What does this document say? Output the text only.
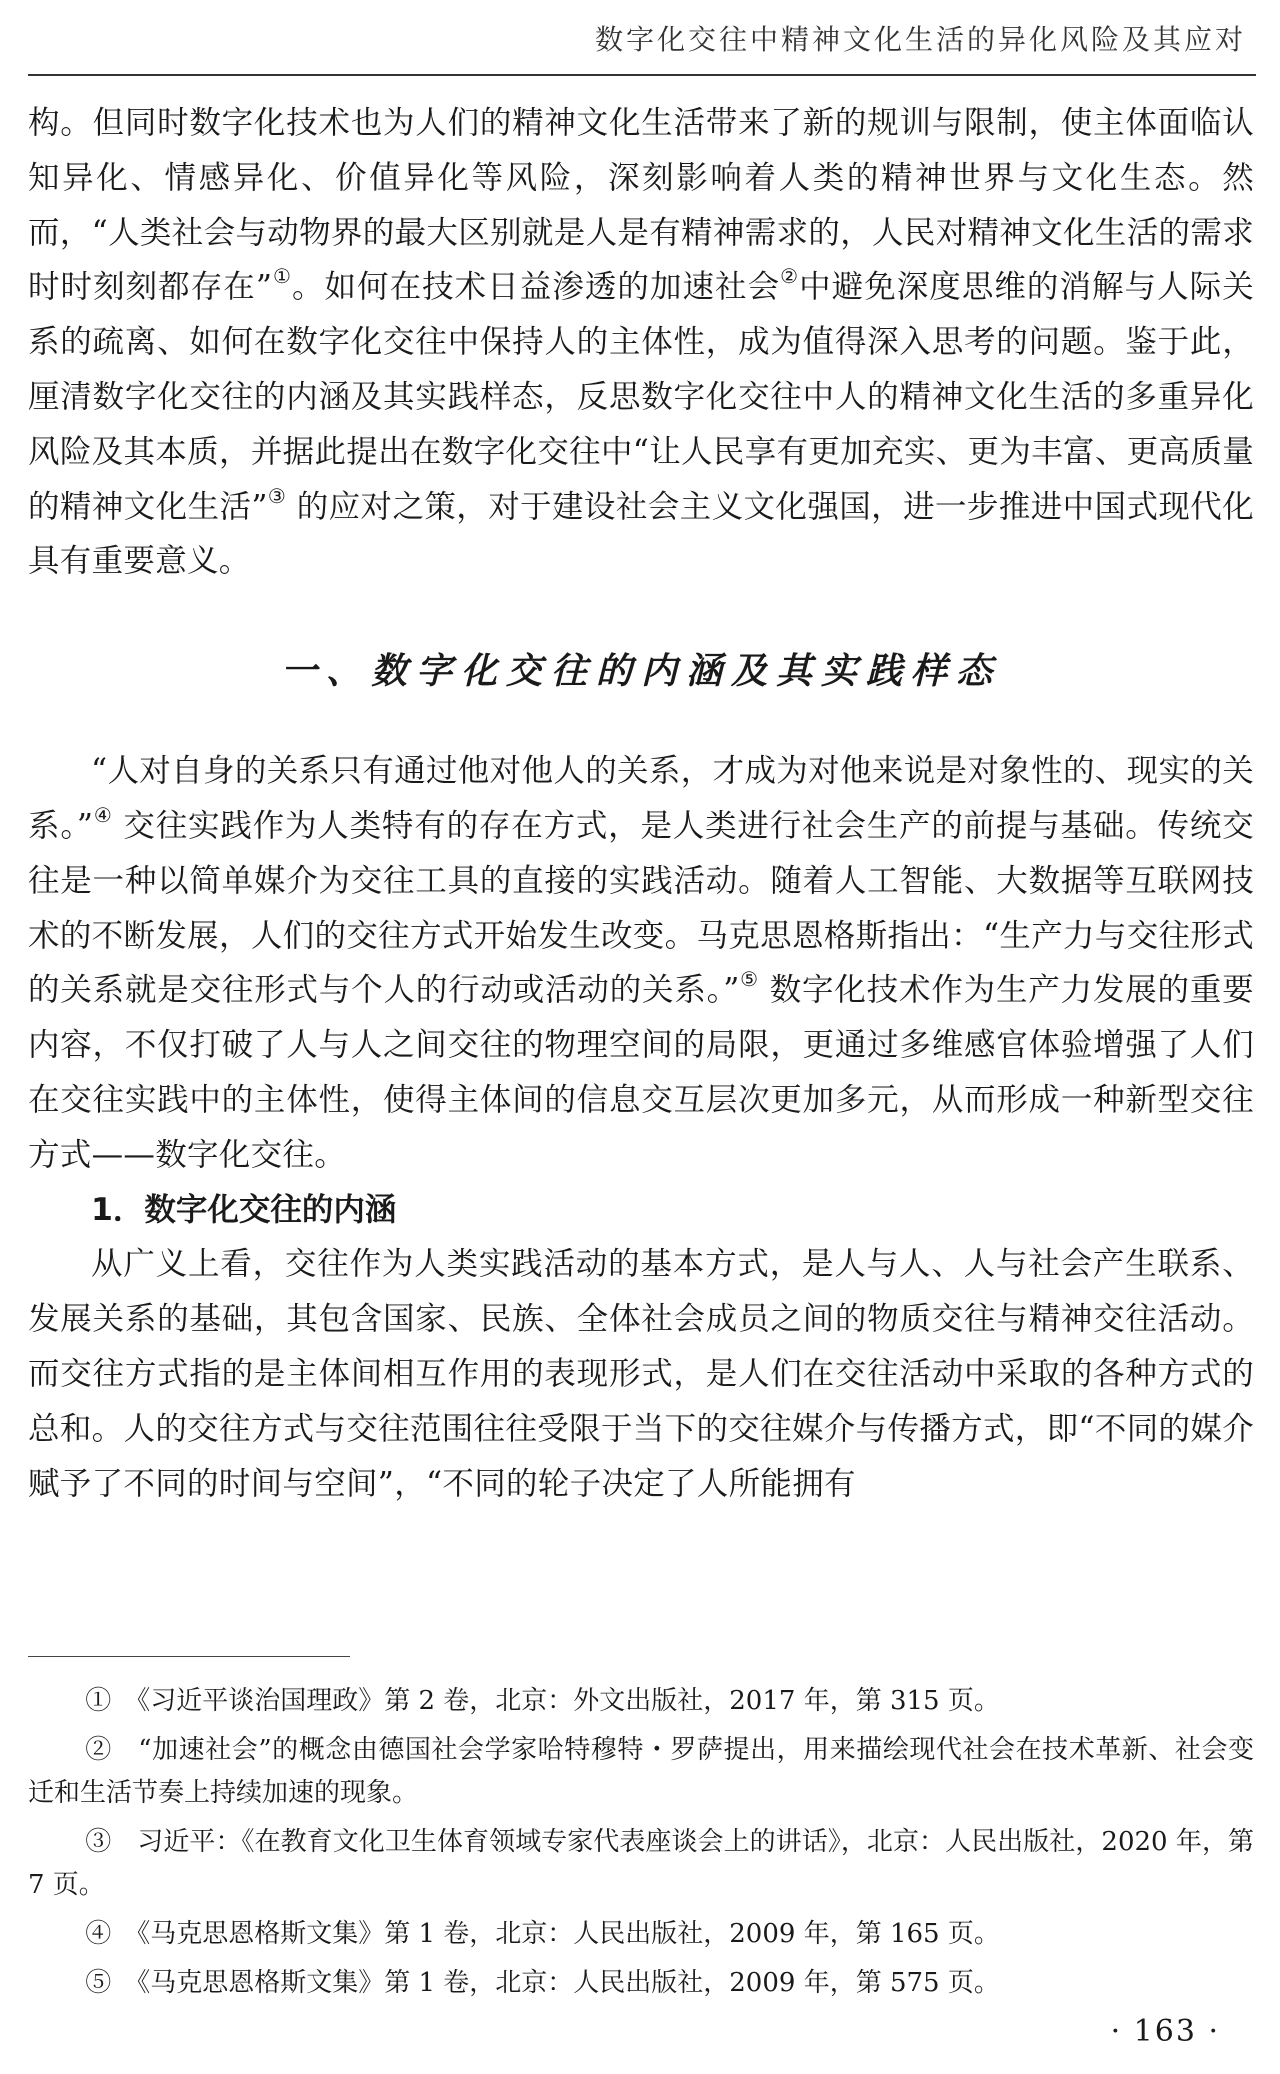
数字化交往中精神文化生活的异化风险及其应对

构。但同时数字化技术也为人们的精神文化生活带来了新的规训与限制，使主体面临认知异化、情感异化、价值异化等风险，深刻影响着人类的精神世界与文化生态。然而，“人类社会与动物界的最大区别就是人是有精神需求的，人民对精神文化生活的需求时时刻刻都存在”①。如何在技术日益渗透的加速社会②中避免深度思维的消解与人际关系的疏离、如何在数字化交往中保持人的主体性，成为值得深入思考的问题。鉴于此，厘清数字化交往的内涵及其实践样态，反思数字化交往中人的精神文化生活的多重异化风险及其本质，并据此提出在数字化交往中“让人民享有更加充实、更为丰富、更高质量的精神文化生活”③ 的应对之策，对于建设社会主义文化强国，进一步推进中国式现代化具有重要意义。

一、数字化交往的内涵及其实践样态

“人对自身的关系只有通过他对他人的关系，才成为对他来说是对象性的、现实的关系。”④ 交往实践作为人类特有的存在方式，是人类进行社会生产的前提与基础。传统交往是一种以简单媒介为交往工具的直接的实践活动。随着人工智能、大数据等互联网技术的不断发展，人们的交往方式开始发生改变。马克思恩格斯指出：“生产力与交往形式的关系就是交往形式与个人的行动或活动的关系。”⑤ 数字化技术作为生产力发展的重要内容，不仅打破了人与人之间交往的物理空间的局限，更通过多维感官体验增强了人们在交往实践中的主体性，使得主体间的信息交互层次更加多元，从而形成一种新型交往方式——数字化交往。

1．数字化交往的内涵

从广义上看，交往作为人类实践活动的基本方式，是人与人、人与社会产生联系、发展关系的基础，其包含国家、民族、全体社会成员之间的物质交往与精神交往活动。而交往方式指的是主体间相互作用的表现形式，是人们在交往活动中采取的各种方式的总和。人的交往方式与交往范围往往受限于当下的交往媒介与传播方式，即“不同的媒介赋予了不同的时间与空间”，“不同的轮子决定了人所能拥有

①　《习近平谈治国理政》第 2 卷，北京：外文出版社，2017 年，第 315 页。

②　“加速社会”的概念由德国社会学家哈特穆特・罗萨提出，用来描绘现代社会在技术革新、社会变迁和生活节奏上持续加速的现象。

③　习近平：《在教育文化卫生体育领域专家代表座谈会上的讲话》，北京：人民出版社，2020 年，第 7 页。

④　《马克思恩格斯文集》第 1 卷，北京：人民出版社，2009 年，第 165 页。

⑤　《马克思恩格斯文集》第 1 卷，北京：人民出版社，2009 年，第 575 页。

· 163 ·
